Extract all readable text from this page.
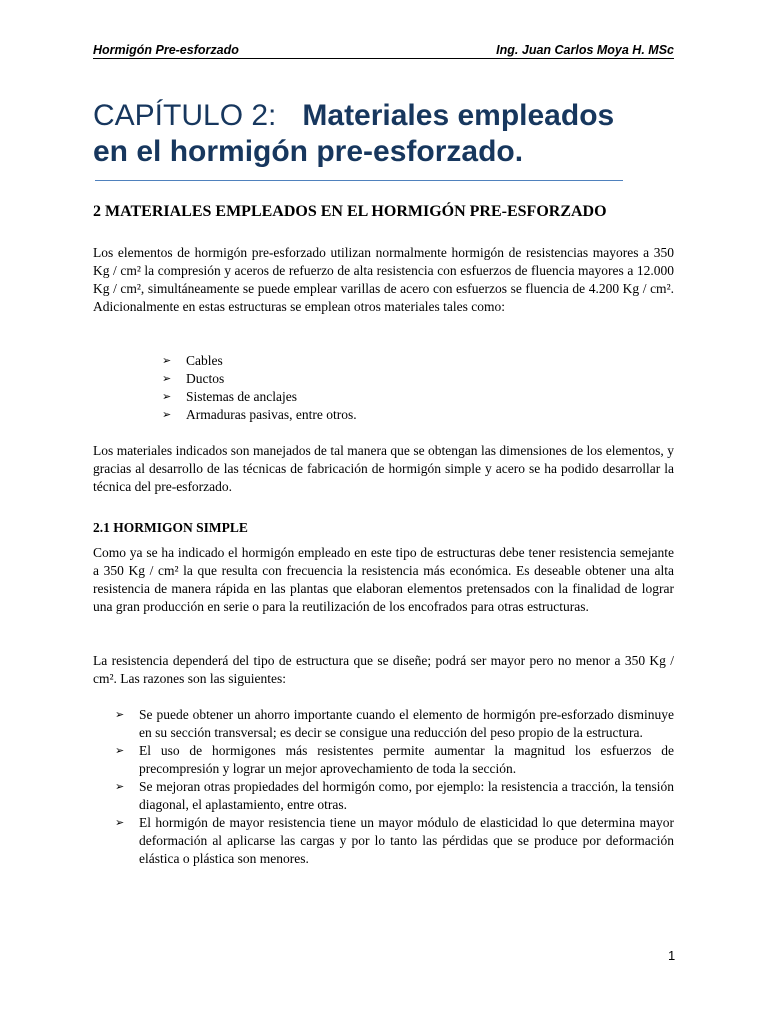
Hormigón Pre-esforzado	Ing. Juan Carlos Moya H. MSc
CAPÍTULO 2: Materiales empleados
en el hormigón pre-esforzado.
2 MATERIALES EMPLEADOS EN EL HORMIGÓN PRE-ESFORZADO
Los elementos de hormigón pre-esforzado utilizan normalmente hormigón de resistencias mayores a 350 Kg / cm² la compresión y aceros de refuerzo de alta resistencia con esfuerzos de fluencia mayores a 12.000 Kg / cm², simultáneamente se puede emplear varillas de acero con esfuerzos se fluencia de 4.200 Kg / cm². Adicionalmente en estas estructuras se emplean otros materiales tales como:
➢ Cables
➢ Ductos
➢ Sistemas de anclajes
➢ Armaduras pasivas, entre otros.
Los materiales indicados son manejados de tal manera que se obtengan las dimensiones de los elementos, y gracias al desarrollo de las técnicas de fabricación de hormigón simple y acero se ha podido desarrollar la técnica del pre-esforzado.
2.1 HORMIGON SIMPLE
Como ya se ha indicado el hormigón empleado en este tipo de estructuras debe tener resistencia semejante a 350 Kg / cm² la que resulta con frecuencia la resistencia más económica. Es deseable obtener una alta resistencia de manera rápida en las plantas que elaboran elementos pretensados con la finalidad de lograr una gran producción en serie o para la reutilización de los encofrados para otras estructuras.
La resistencia dependerá del tipo de estructura que se diseñe; podrá ser mayor pero no menor a 350 Kg / cm². Las razones son las siguientes:
➢ Se puede obtener un ahorro importante cuando el elemento de hormigón pre-esforzado disminuye en su sección transversal; es decir se consigue una reducción del peso propio de la estructura.
➢ El uso de hormigones más resistentes permite aumentar la magnitud los esfuerzos de precompresión y lograr un mejor aprovechamiento de toda la sección.
➢ Se mejoran otras propiedades del hormigón como, por ejemplo: la resistencia a tracción, la tensión diagonal, el aplastamiento, entre otras.
➢ El hormigón de mayor resistencia tiene un mayor módulo de elasticidad lo que determina mayor deformación al aplicarse las cargas y por lo tanto las pérdidas que se produce por deformación elástica o plástica son menores.
1
